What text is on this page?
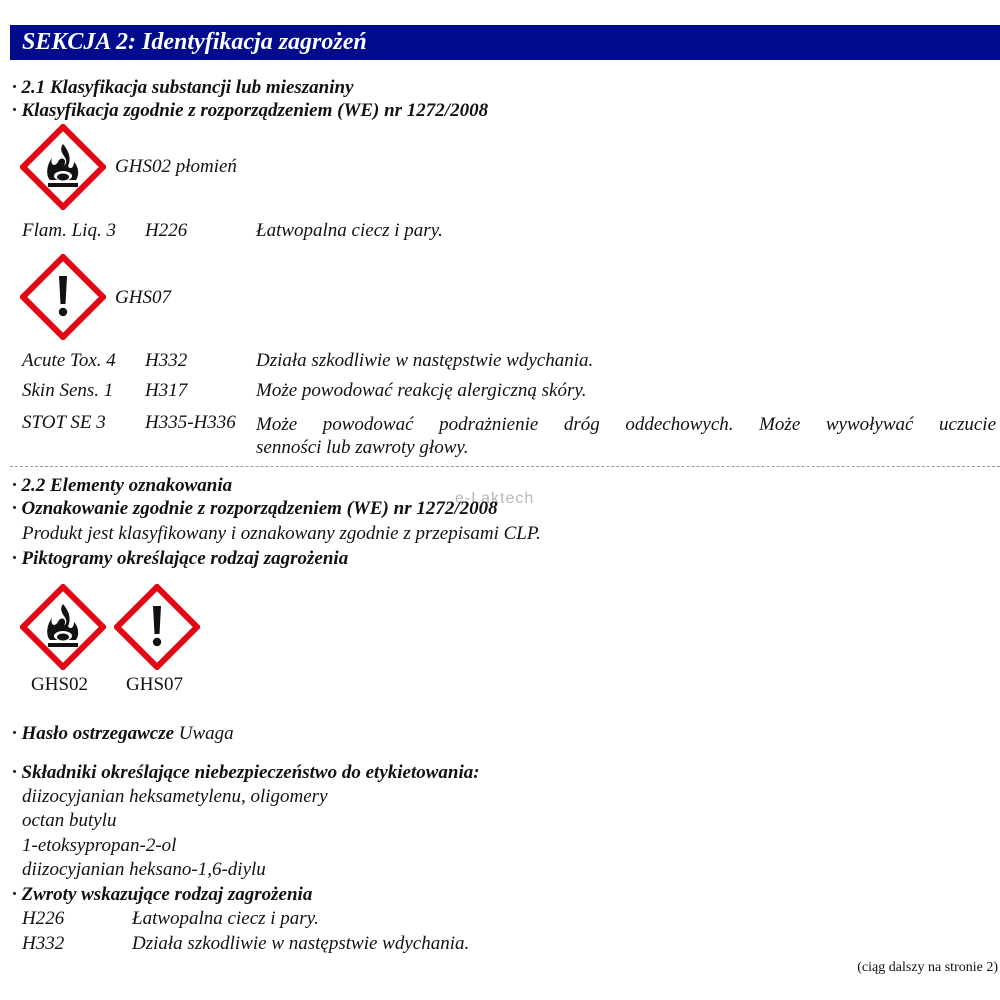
SEKCJA 2: Identyfikacja zagrożeń
· 2.1 Klasyfikacja substancji lub mieszaniny
· Klasyfikacja zgodnie z rozporządzeniem (WE) nr 1272/2008
GHS02 płomień
Flam. Liq. 3 H226	Łatwopalna ciecz i pary.
GHS07
Acute Tox. 4 H332	Działa szkodliwie w następstwie wdychania.
Skin Sens. 1 H317	Może powodować reakcję alergiczną skóry.
STOT SE 3 H335-H336 Może powodować podrażnienie dróg oddechowych. Może wywoływać uczucie
senności lub zawroty głowy.
· 2.2 Elementy oznakowania
e-Laktech
· Oznakowanie zgodnie z rozporządzeniem (WE) nr 1272/2008
Produkt jest klasyfikowany i oznakowany zgodnie z przepisami CLP.
· Piktogramy określające rodzaj zagrożenia
GHS02 GHS07
· Hasło ostrzegawcze Uwaga
· Składniki określające niebezpieczeństwo do etykietowania:
diizocyjanian heksametylenu, oligomery
octan butylu
1-etoksypropan-2-ol
diizocyjanian heksano-1,6-diylu
· Zwroty wskazujące rodzaj zagrożenia
H226	Łatwopalna ciecz i pary.
H332	Działa szkodliwie w następstwie wdychania.
(ciąg dalszy na stronie 2)
